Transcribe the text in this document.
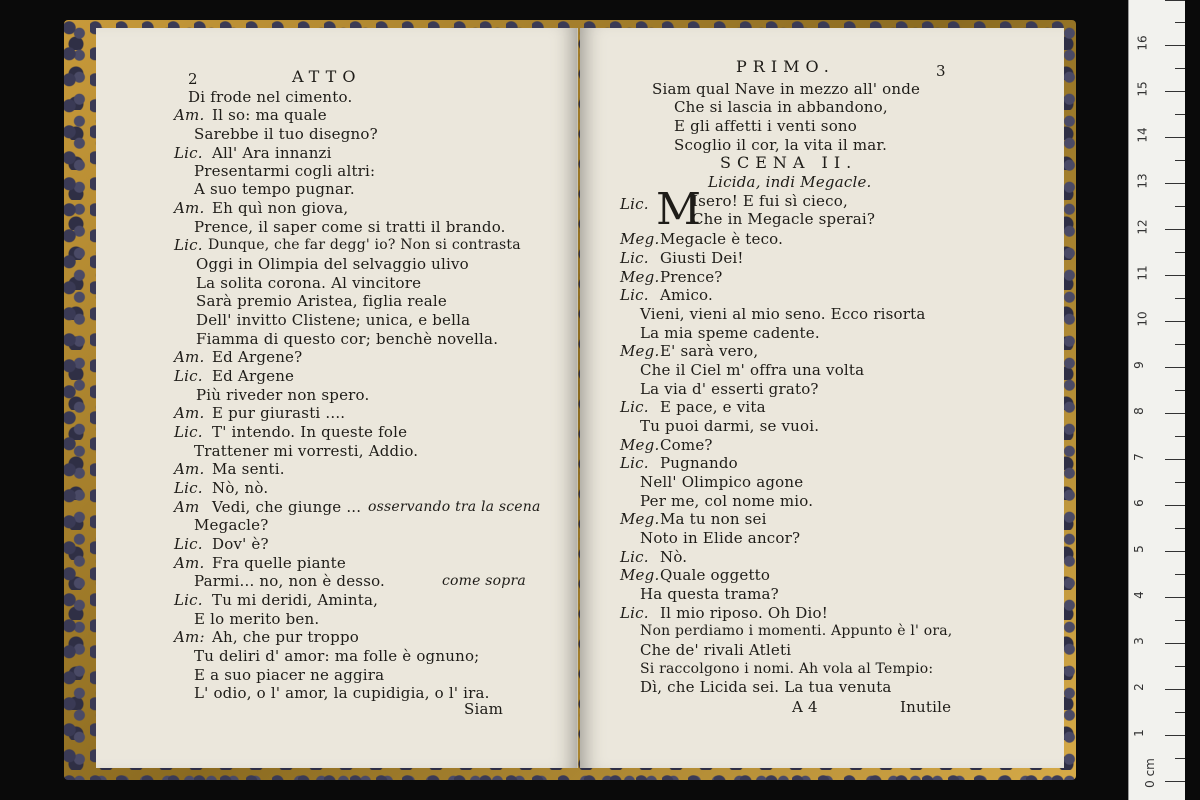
2	ATTO
Di frode nel cimento.
Am. Il so: ma quale
Sarebbe il tuo disegno?
Lic. All' Ara innanzi
Presentarmi cogli altri:
A suo tempo pugnar.
Am. Eh quì non giova,
Prence, il saper come si tratti il brando.
Lic. Dunque, che far degg' io? Non si contrasta
Oggi in Olimpia del selvaggio ulivo
La solita corona. Al vincitore
Sarà premio Aristea, figlia reale
Dell' invitto Clistene; unica, e bella
Fiamma di questo cor; benchè novella.
Am. Ed Argene?
Lic. Ed Argene
Più riveder non spero.
Am. E pur giurasti ....
Lic. T' intendo. In queste fole
Trattener mi vorresti, Addio.
Am. Ma senti.
Lic. Nò, nò.
Am Vedi, che giunge ... osservando tra la scena
Megacle?
Lic. Dov' è?
Am. Fra quelle piante
Parmi... no, non è desso.	come sopra
Lic. Tu mi deridi, Aminta,
E lo merito ben.
Am: Ah, che pur troppo
Tu deliri d' amor: ma folle è ognuno;
E a suo piacer ne aggira
L' odio, o l' amor, la cupidigia, o l' ira.
Siam
PRIMO.	3
Siam qual Nave in mezzo all' onde
Che si lascia in abbandono,
E gli affetti i venti sono
Scoglio il cor, la vita il mar.
SCENA II.
Licida, indi Megacle.
Lic. M
Isero! E fui sì cieco,
Che in Megacle sperai?
Meg. Megacle è teco.
Lic. Giusti Dei!
Meg. Prence?
Lic. Amico.
Vieni, vieni al mio seno. Ecco risorta
La mia speme cadente.
Meg. E' sarà vero,
Che il Ciel m' offra una volta
La via d' esserti grato?
Lic. E pace, e vita
Tu puoi darmi, se vuoi.
Meg. Come?
Lic. Pugnando
Nell' Olimpico agone
Per me, col nome mio.
Meg. Ma tu non sei
Noto in Elide ancor?
Lic. Nò.
Meg. Quale oggetto
Ha questa trama?
Lic. Il mio riposo. Oh Dio!
Non perdiamo i momenti. Appunto è l' ora,
Che de' rivali Atleti
Si raccolgono i nomi. Ah vola al Tempio:
Dì, che Licida sei. La tua venuta
A 4	Inutile
16
15
14
13
12
11
10
9
8
7
6
5
4
3
2
1
0 cm
